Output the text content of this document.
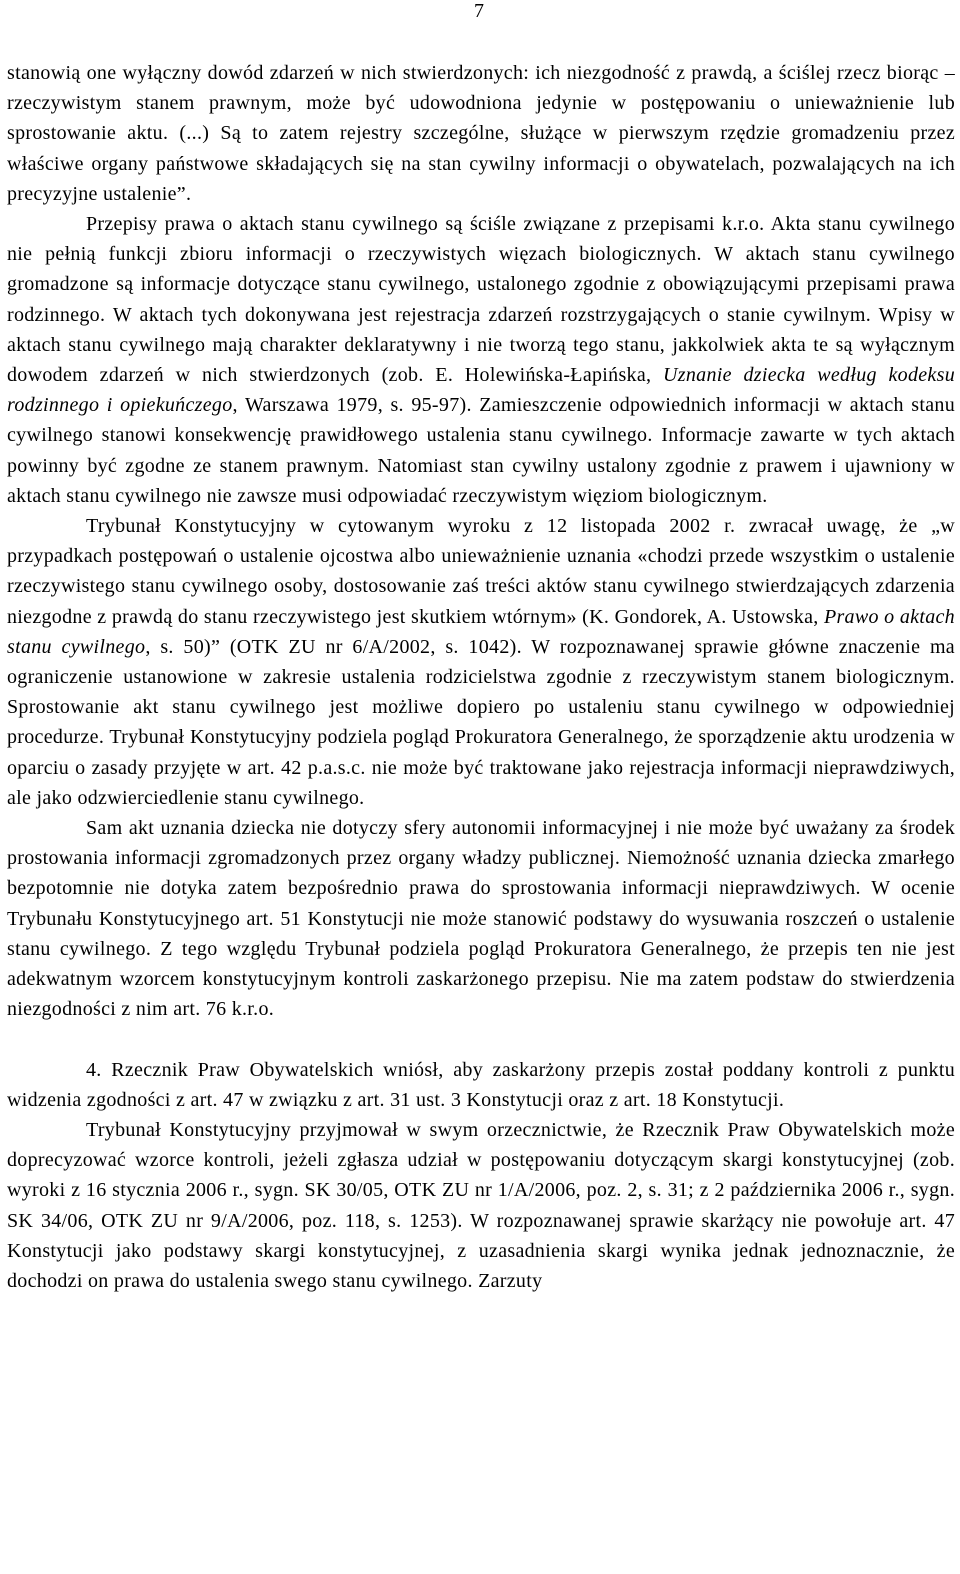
7

stanowią one wyłączny dowód zdarzeń w nich stwierdzonych: ich niezgodność z prawdą, a ściślej rzecz biorąc – rzeczywistym stanem prawnym, może być udowodniona jedynie w postępowaniu o unieważnienie lub sprostowanie aktu. (...) Są to zatem rejestry szczególne, służące w pierwszym rzędzie gromadzeniu przez właściwe organy państwowe składających się na stan cywilny informacji o obywatelach, pozwalających na ich precyzyjne ustalenie”.

Przepisy prawa o aktach stanu cywilnego są ściśle związane z przepisami k.r.o. Akta stanu cywilnego nie pełnią funkcji zbioru informacji o rzeczywistych więzach biologicznych. W aktach stanu cywilnego gromadzone są informacje dotyczące stanu cywilnego, ustalonego zgodnie z obowiązującymi przepisami prawa rodzinnego. W aktach tych dokonywana jest rejestracja zdarzeń rozstrzygających o stanie cywilnym. Wpisy w aktach stanu cywilnego mają charakter deklaratywny i nie tworzą tego stanu, jakkolwiek akta te są wyłącznym dowodem zdarzeń w nich stwierdzonych (zob. E. Holewińska-Łapińska, Uznanie dziecka według kodeksu rodzinnego i opiekuńczego, Warszawa 1979, s. 95-97). Zamieszczenie odpowiednich informacji w aktach stanu cywilnego stanowi konsekwencję prawidłowego ustalenia stanu cywilnego. Informacje zawarte w tych aktach powinny być zgodne ze stanem prawnym. Natomiast stan cywilny ustalony zgodnie z prawem i ujawniony w aktach stanu cywilnego nie zawsze musi odpowiadać rzeczywistym więziom biologicznym.

Trybunał Konstytucyjny w cytowanym wyroku z 12 listopada 2002 r. zwracał uwagę, że „w przypadkach postępowań o ustalenie ojcostwa albo unieważnienie uznania «chodzi przede wszystkim o ustalenie rzeczywistego stanu cywilnego osoby, dostosowanie zaś treści aktów stanu cywilnego stwierdzających zdarzenia niezgodne z prawdą do stanu rzeczywistego jest skutkiem wtórnym» (K. Gondorek, A. Ustowska, Prawo o aktach stanu cywilnego, s. 50)” (OTK ZU nr 6/A/2002, s. 1042). W rozpoznawanej sprawie główne znaczenie ma ograniczenie ustanowione w zakresie ustalenia rodzicielstwa zgodnie z rzeczywistym stanem biologicznym. Sprostowanie akt stanu cywilnego jest możliwe dopiero po ustaleniu stanu cywilnego w odpowiedniej procedurze. Trybunał Konstytucyjny podziela pogląd Prokuratora Generalnego, że sporządzenie aktu urodzenia w oparciu o zasady przyjęte w art. 42 p.a.s.c. nie może być traktowane jako rejestracja informacji nieprawdziwych, ale jako odzwierciedlenie stanu cywilnego.

Sam akt uznania dziecka nie dotyczy sfery autonomii informacyjnej i nie może być uważany za środek prostowania informacji zgromadzonych przez organy władzy publicznej. Niemożność uznania dziecka zmarłego bezpotomnie nie dotyka zatem bezpośrednio prawa do sprostowania informacji nieprawdziwych. W ocenie Trybunału Konstytucyjnego art. 51 Konstytucji nie może stanowić podstawy do wysuwania roszczeń o ustalenie stanu cywilnego. Z tego względu Trybunał podziela pogląd Prokuratora Generalnego, że przepis ten nie jest adekwatnym wzorcem konstytucyjnym kontroli zaskarżonego przepisu. Nie ma zatem podstaw do stwierdzenia niezgodności z nim art. 76 k.r.o.

4. Rzecznik Praw Obywatelskich wniósł, aby zaskarżony przepis został poddany kontroli z punktu widzenia zgodności z art. 47 w związku z art. 31 ust. 3 Konstytucji oraz z art. 18 Konstytucji.

Trybunał Konstytucyjny przyjmował w swym orzecznictwie, że Rzecznik Praw Obywatelskich może doprecyzować wzorce kontroli, jeżeli zgłasza udział w postępowaniu dotyczącym skargi konstytucyjnej (zob. wyroki z 16 stycznia 2006 r., sygn. SK 30/05, OTK ZU nr 1/A/2006, poz. 2, s. 31; z 2 października 2006 r., sygn. SK 34/06, OTK ZU nr 9/A/2006, poz. 118, s. 1253). W rozpoznawanej sprawie skarżący nie powołuje art. 47 Konstytucji jako podstawy skargi konstytucyjnej, z uzasadnienia skargi wynika jednak jednoznacznie, że dochodzi on prawa do ustalenia swego stanu cywilnego. Zarzuty
